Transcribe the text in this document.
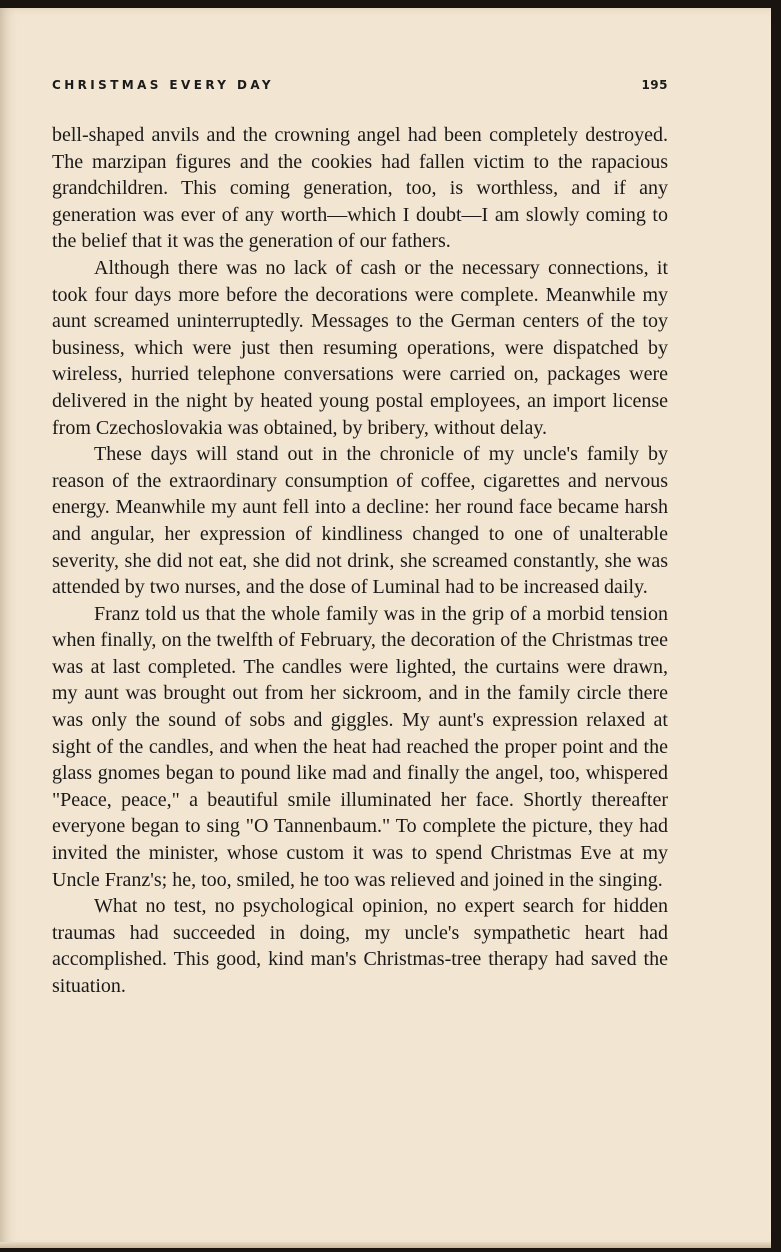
CHRISTMAS EVERY DAY	195

bell-shaped anvils and the crowning angel had been completely destroyed. The marzipan figures and the cookies had fallen victim to the rapacious grandchildren. This coming generation, too, is worthless, and if any generation was ever of any worth—which I doubt—I am slowly coming to the belief that it was the generation of our fathers.

Although there was no lack of cash or the necessary connections, it took four days more before the decorations were complete. Meanwhile my aunt screamed uninterruptedly. Messages to the German centers of the toy business, which were just then resuming operations, were dispatched by wireless, hurried telephone conversations were carried on, packages were delivered in the night by heated young postal employees, an import license from Czechoslovakia was obtained, by bribery, without delay.

These days will stand out in the chronicle of my uncle's family by reason of the extraordinary consumption of coffee, cigarettes and nervous energy. Meanwhile my aunt fell into a decline: her round face became harsh and angular, her expression of kindliness changed to one of unalterable severity, she did not eat, she did not drink, she screamed constantly, she was attended by two nurses, and the dose of Luminal had to be increased daily.

Franz told us that the whole family was in the grip of a morbid tension when finally, on the twelfth of February, the decoration of the Christmas tree was at last completed. The candles were lighted, the curtains were drawn, my aunt was brought out from her sickroom, and in the family circle there was only the sound of sobs and giggles. My aunt's expression relaxed at sight of the candles, and when the heat had reached the proper point and the glass gnomes began to pound like mad and finally the angel, too, whispered "Peace, peace," a beautiful smile illuminated her face. Shortly thereafter everyone began to sing "O Tannenbaum." To complete the picture, they had invited the minister, whose custom it was to spend Christmas Eve at my Uncle Franz's; he, too, smiled, he too was relieved and joined in the singing.

What no test, no psychological opinion, no expert search for hidden traumas had succeeded in doing, my uncle's sympathetic heart had accomplished. This good, kind man's Christmas-tree therapy had saved the situation.
